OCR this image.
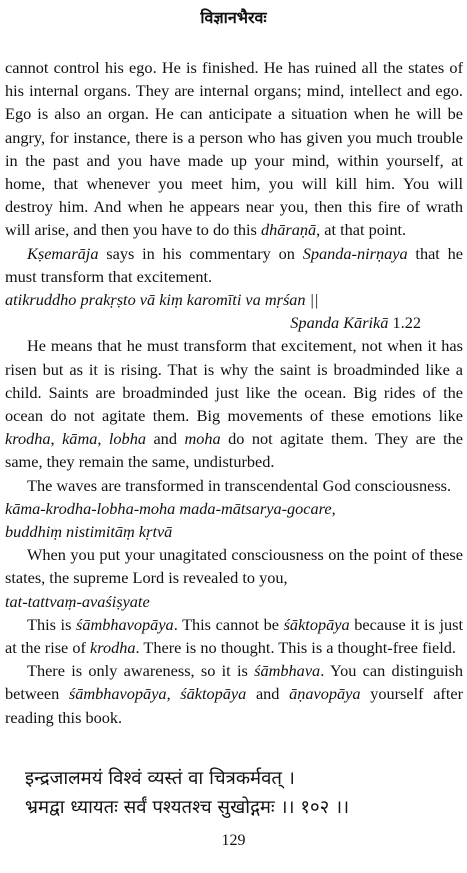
विज्ञानभैरवः

cannot control his ego. He is finished. He has ruined all the states of his internal organs. They are internal organs; mind, intellect and ego. Ego is also an organ. He can anticipate a situation when he will be angry, for instance, there is a person who has given you much trouble in the past and you have made up your mind, within yourself, at home, that whenever you meet him, you will kill him. You will destroy him. And when he appears near you, then this fire of wrath will arise, and then you have to do this dhāraṇā, at that point.

Kṣemarāja says in his commentary on Spanda-nirṇaya that he must transform that excitement.

atikruddho prakṛṣto vā kiṃ karomīti va mṛśan ||

Spanda Kārikā 1.22

He means that he must transform that excitement, not when it has risen but as it is rising. That is why the saint is broadminded like a child. Saints are broadminded just like the ocean. Big rides of the ocean do not agitate them. Big movements of these emotions like krodha, kāma, lobha and moha do not agitate them. They are the same, they remain the same, undisturbed.

The waves are transformed in transcendental God consciousness.

kāma-krodha-lobha-moha mada-mātsarya-gocare,

buddhiṃ nistimitāṃ kṛtvā

When you put your unagitated consciousness on the point of these states, the supreme Lord is revealed to you,

tat-tattvaṃ-avaśiṣyate

This is śāmbhavopāya. This cannot be śāktopāya because it is just at the rise of krodha. There is no thought. This is a thought-free field.

There is only awareness, so it is śāmbhava. You can distinguish between śāmbhavopāya, śāktopāya and āṇavopāya yourself after reading this book.

इन्द्रजालमयं विश्वं व्यस्तं वा चित्रकर्मवत् ।

भ्रमद्वा ध्यायतः सर्वं पश्यतश्च सुखोद्गमः ।। १०२ ।।

129
